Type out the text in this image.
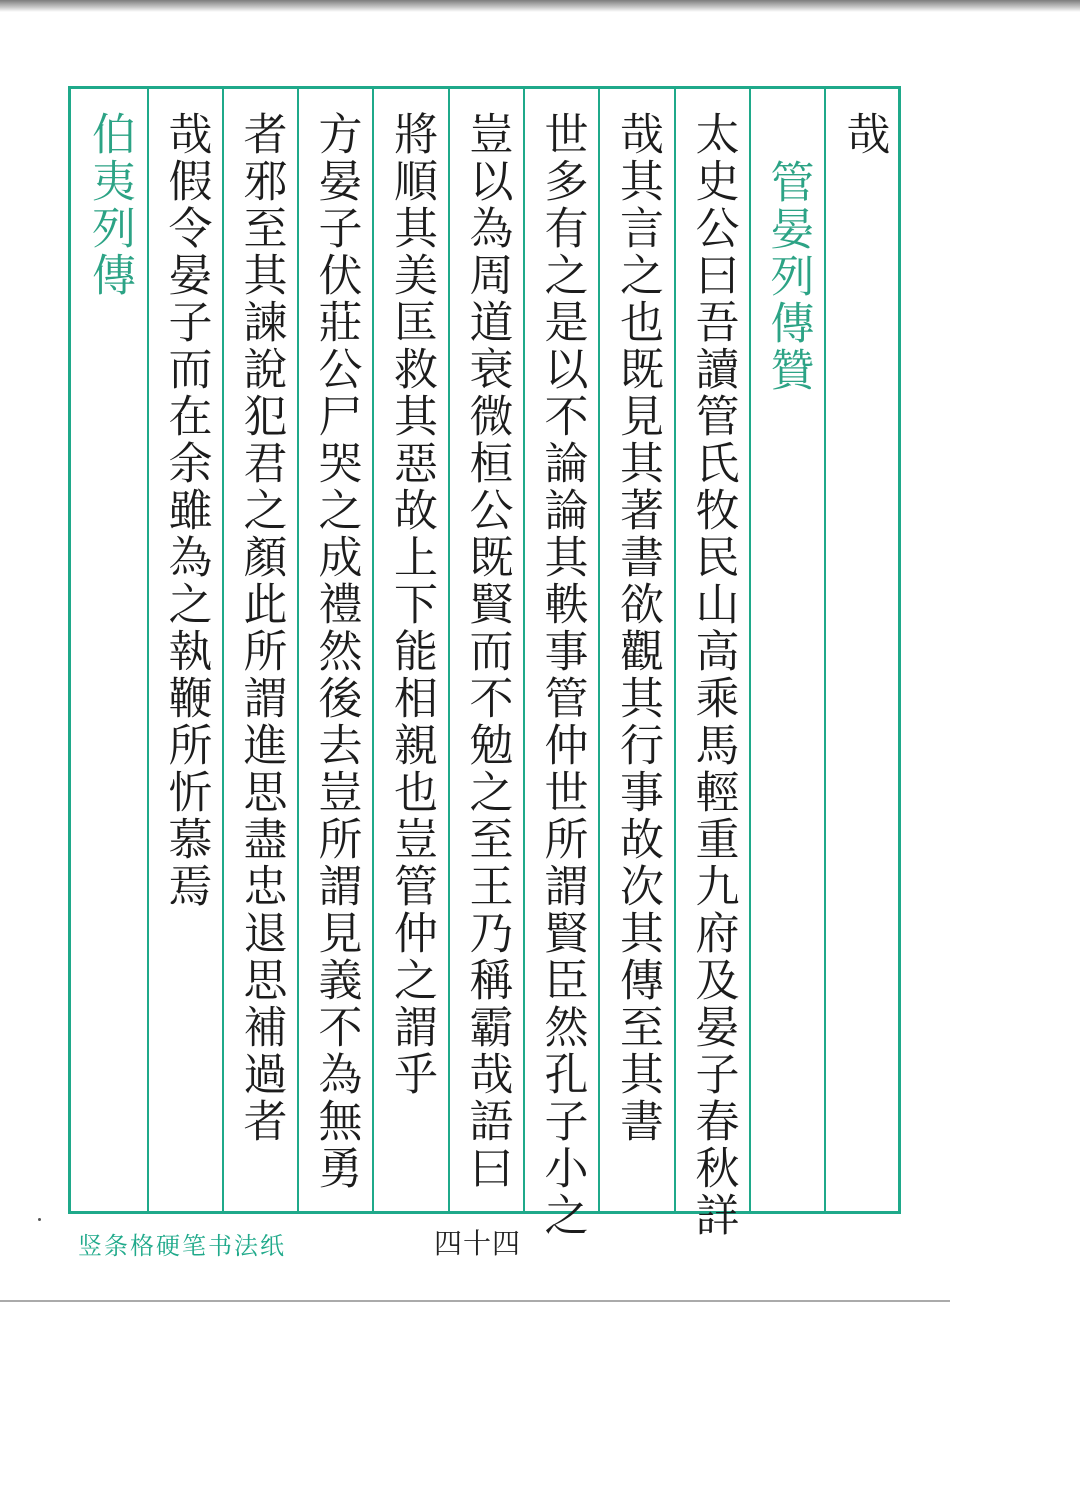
伯夷列傳 哉假令晏子而在余雖為之執鞭所忻慕焉 者邪至其諫說犯君之顏此所謂進思盡忠退思補過者 方晏子伏莊公尸哭之成禮然後去豈所謂見義不為無勇 將順其美匡救其惡故上下能相親也豈管仲之謂乎 豈以為周道衰微桓公既賢而不勉之至王乃稱霸哉語曰 世多有之是以不論論其軼事管仲世所謂賢臣然孔子小之 哉其言之也既見其著書欲觀其行事故次其傳至其書 太史公曰吾讀管氏牧民山高乘馬輕重九府及晏子春秋詳 管晏列傳贊
哉
竖条格硬笔书法纸	四十四
